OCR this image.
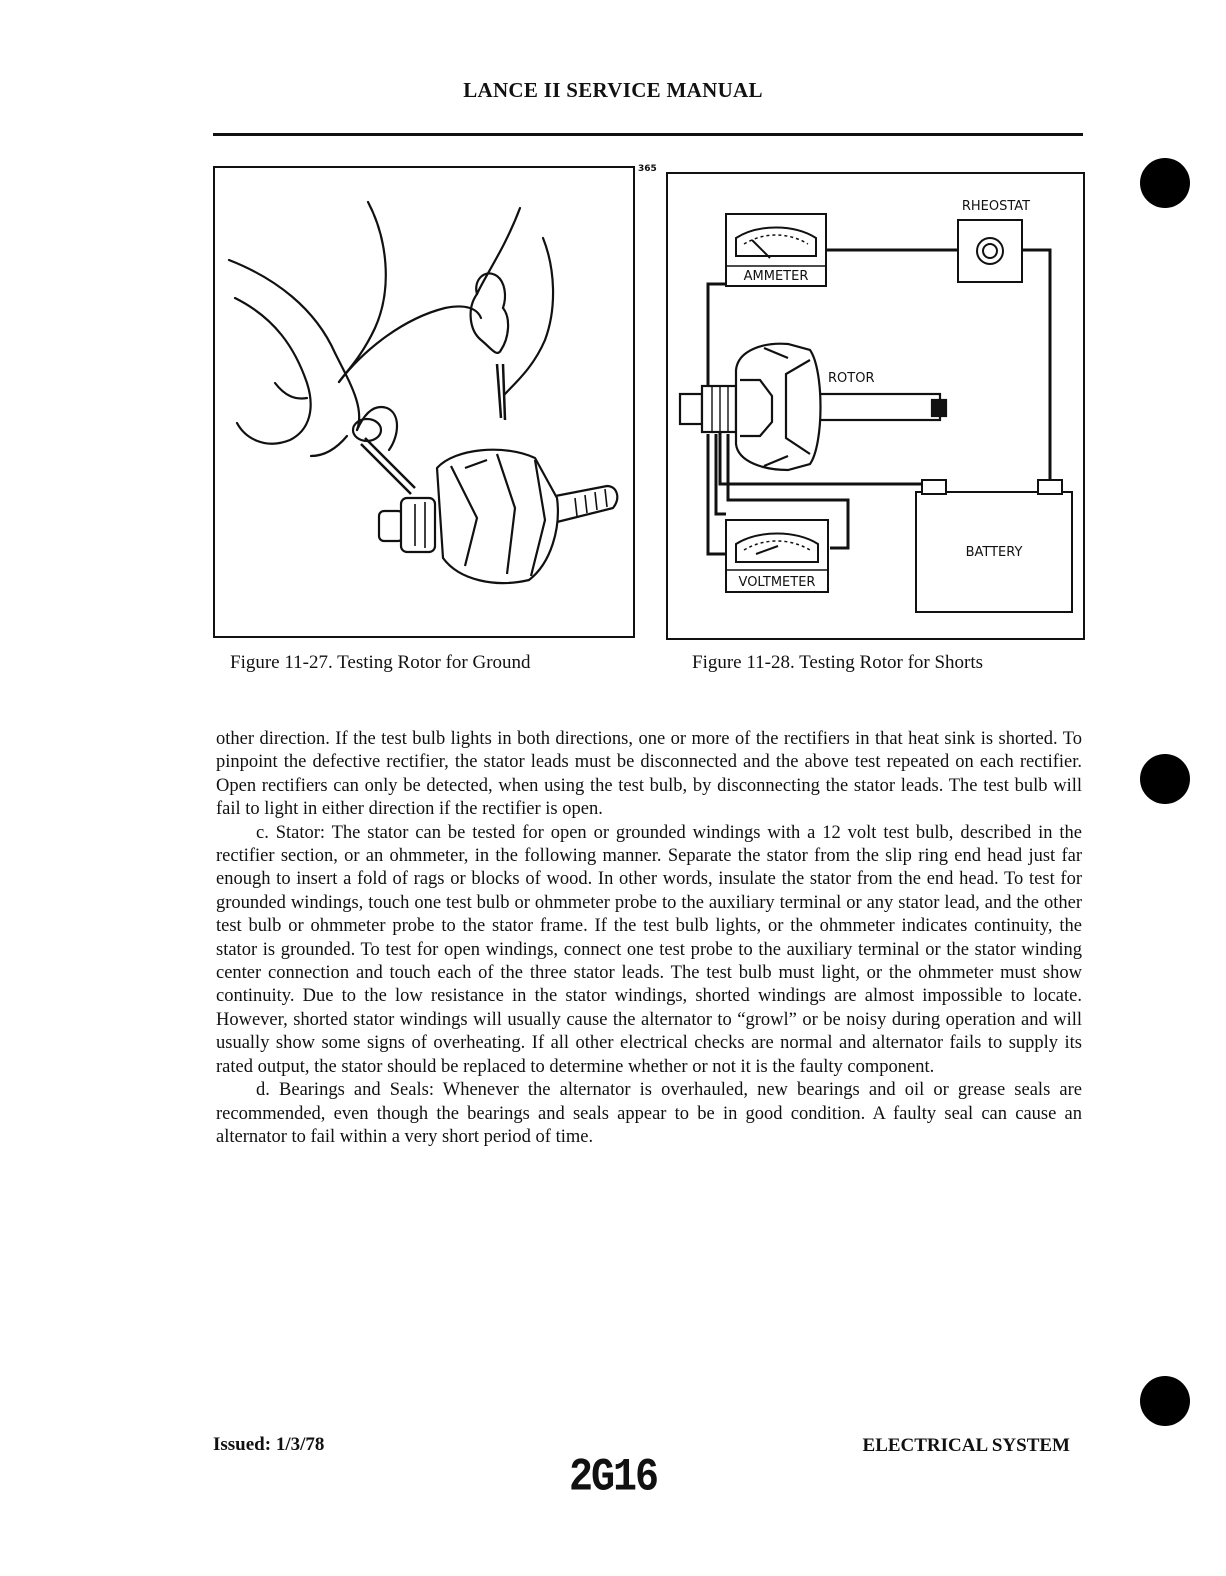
LANCE II SERVICE MANUAL
365
AMMETER
RHEOSTAT
ROTOR
BATTERY
VOLTMETER
Figure 11-27. Testing Rotor for Ground	Figure 11-28. Testing Rotor for Shorts

other direction. If the test bulb lights in both directions, one or more of the rectifiers in that heat sink is shorted. To pinpoint the defective rectifier, the stator leads must be disconnected and the above test repeated on each rectifier. Open rectifiers can only be detected, when using the test bulb, by disconnecting the stator leads. The test bulb will fail to light in either direction if the rectifier is open.

c. Stator: The stator can be tested for open or grounded windings with a 12 volt test bulb, described in the rectifier section, or an ohmmeter, in the following manner. Separate the stator from the slip ring end head just far enough to insert a fold of rags or blocks of wood. In other words, insulate the stator from the end head. To test for grounded windings, touch one test bulb or ohmmeter probe to the auxiliary terminal or any stator lead, and the other test bulb or ohmmeter probe to the stator frame. If the test bulb lights, or the ohmmeter indicates continuity, the stator is grounded. To test for open windings, connect one test probe to the auxiliary terminal or the stator winding center connection and touch each of the three stator leads. The test bulb must light, or the ohmmeter must show continuity. Due to the low resistance in the stator windings, shorted windings are almost impossible to locate. However, shorted stator windings will usually cause the alternator to “growl” or be noisy during operation and will usually show some signs of overheating. If all other electrical checks are normal and alternator fails to supply its rated output, the stator should be replaced to determine whether or not it is the faulty component.

d. Bearings and Seals: Whenever the alternator is overhauled, new bearings and oil or grease seals are recommended, even though the bearings and seals appear to be in good condition. A faulty seal can cause an alternator to fail within a very short period of time.

Issued: 1/3/78	ELECTRICAL SYSTEM
2G16
